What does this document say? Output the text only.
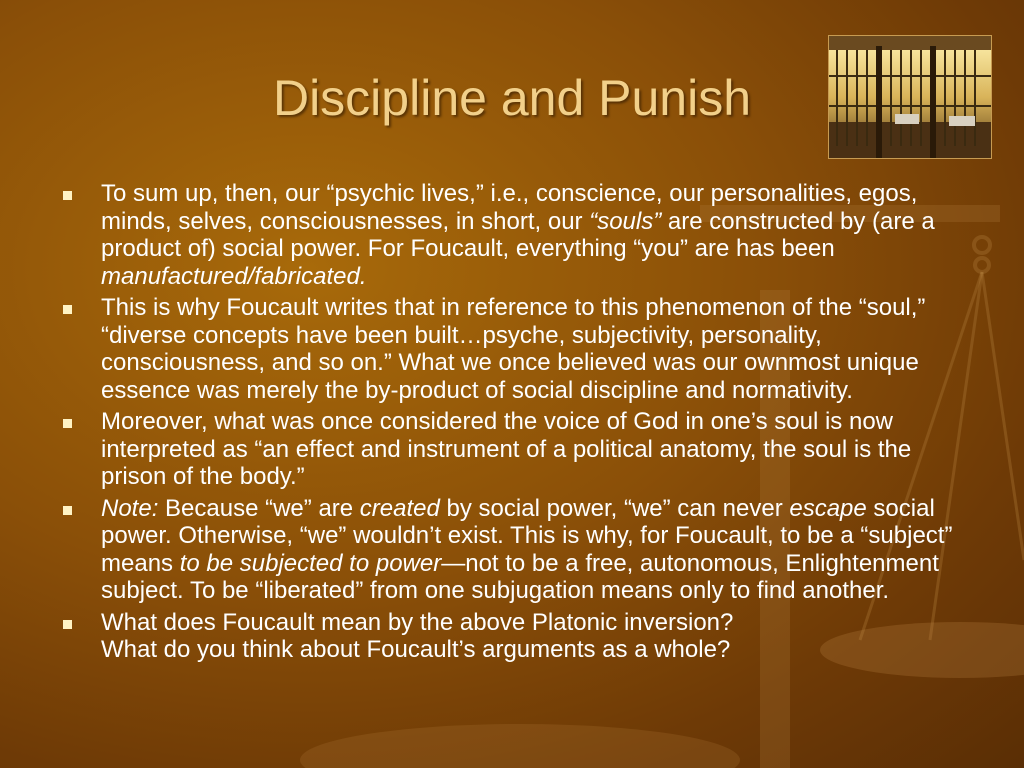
Discipline and Punish
To sum up, then, our “psychic lives,” i.e., conscience, our personalities, egos, minds, selves, consciousnesses, in short, our “souls” are constructed by (are a product of) social power. For Foucault, everything “you” are has been manufactured/fabricated.
This is why Foucault writes that in reference to this phenomenon of the “soul,” “diverse concepts have been built…psyche, subjectivity, personality, consciousness, and so on.” What we once believed was our ownmost unique essence was merely the by-product of social discipline and normativity.
Moreover, what was once considered the voice of God in one’s soul is now interpreted as “an effect and instrument of a political anatomy, the soul is the prison of the body.”
Note: Because “we” are created by social power, “we” can never escape social power. Otherwise, “we” wouldn’t exist. This is why, for Foucault, to be a “subject” means to be subjected to power—not to be a free, autonomous, Enlightenment subject. To be “liberated” from one subjugation means only to find another.
What does Foucault mean by the above Platonic inversion?
What do you think about Foucault’s arguments as a whole?
